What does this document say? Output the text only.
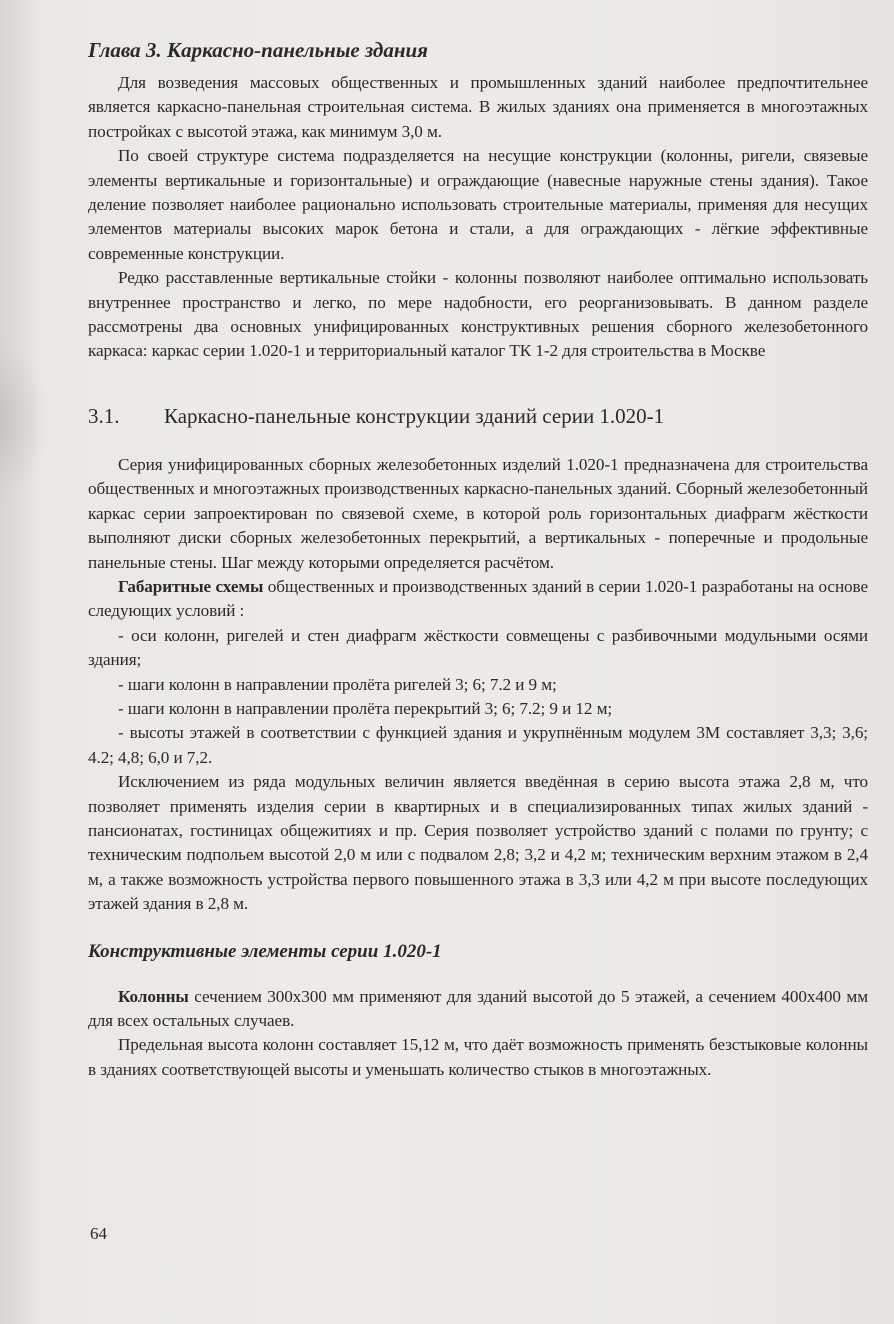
Глава 3. Каркасно-панельные здания

Для возведения массовых общественных и промышленных зданий наиболее предпочтительнее является каркасно-панельная строительная система. В жилых зданиях она применяется в многоэтажных постройках с высотой этажа, как минимум 3,0 м.

По своей структуре система подразделяется на несущие конструкции (колонны, ригели, связевые элементы вертикальные и горизонтальные) и ограждающие (навесные наружные стены здания). Такое деление позволяет наиболее рационально использовать строительные материалы, применяя для несущих элементов материалы высоких марок бетона и стали, а для ограждающих - лёгкие эффективные современные конструкции.

Редко расставленные вертикальные стойки - колонны позволяют наиболее оптимально использовать внутреннее пространство и легко, по мере надобности, его реорганизовывать. В данном разделе рассмотрены два основных унифицированных конструктивных решения сборного железобетонного каркаса: каркас серии 1.020-1 и территориальный каталог ТК 1-2 для строительства в Москве

3.1.	Каркасно-панельные конструкции зданий серии 1.020-1

Серия унифицированных сборных железобетонных изделий 1.020-1 предназначена для строительства общественных и многоэтажных производственных каркасно-панельных зданий. Сборный железобетонный каркас серии запроектирован по связевой схеме, в которой роль горизонтальных диафрагм жёсткости выполняют диски сборных железобетонных перекрытий, а вертикальных - поперечные и продольные панельные стены. Шаг между которыми определяется расчётом.

Габаритные схемы общественных и производственных зданий в серии 1.020-1 разработаны на основе следующих условий :

- оси колонн, ригелей и стен диафрагм жёсткости совмещены с разбивочными модульными осями здания;

- шаги колонн в направлении пролёта ригелей 3; 6; 7.2 и 9 м;

- шаги колонн в направлении пролёта перекрытий 3; 6; 7.2; 9 и 12 м;

- высоты этажей в соответствии с функцией здания и укрупнённым модулем 3М составляет 3,3; 3,6; 4.2; 4,8; 6,0 и 7,2.

Исключением из ряда модульных величин является введённая в серию высота этажа 2,8 м, что позволяет применять изделия серии в квартирных и в специализированных типах жилых зданий - пансионатах, гостиницах общежитиях и пр. Серия позволяет устройство зданий с полами по грунту; с техническим подпольем высотой 2,0 м или с подвалом 2,8; 3,2 и 4,2 м; техническим верхним этажом в 2,4 м, а также возможность устройства первого повышенного этажа в 3,3 или 4,2 м при высоте последующих этажей здания в 2,8 м.

Конструктивные элементы серии 1.020-1

Колонны сечением 300x300 мм применяют для зданий высотой до 5 этажей, а сечением 400x400 мм для всех остальных случаев.

Предельная высота колонн составляет 15,12 м, что даёт возможность применять безстыковые колонны в зданиях соответствующей высоты и уменьшать количество стыков в многоэтажных.

64
